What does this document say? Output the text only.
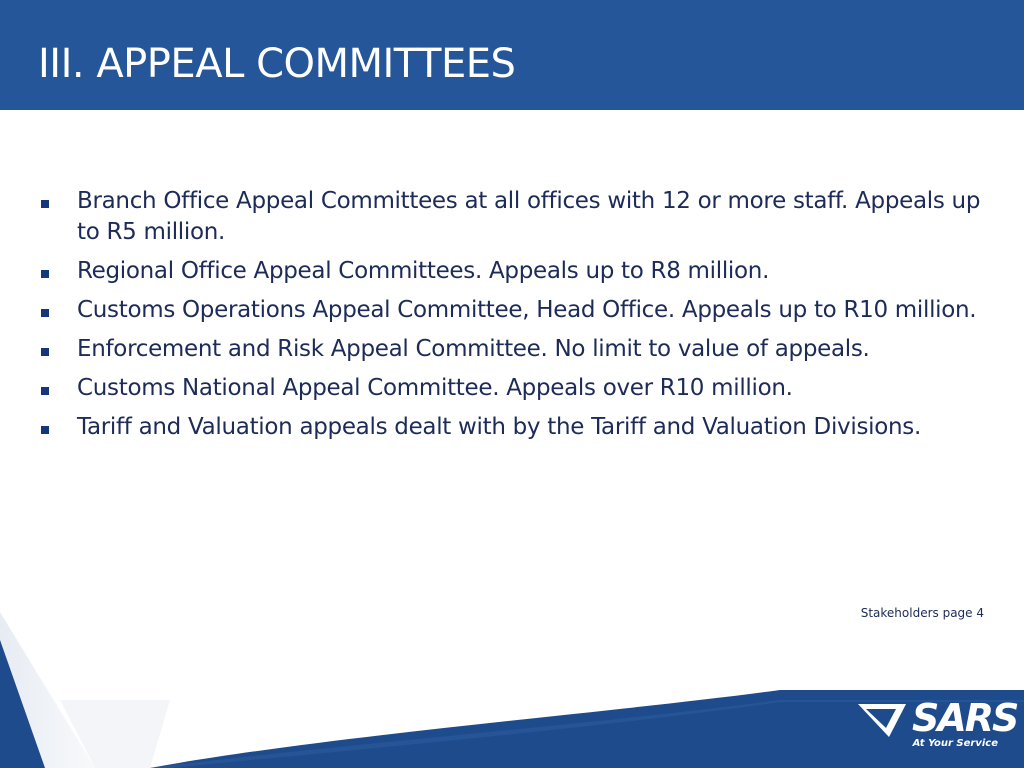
III. APPEAL COMMITTEES
Branch Office Appeal Committees at all offices with 12 or more staff. Appeals up to R5 million.
Regional Office Appeal Committees. Appeals up to R8 million.
Customs Operations Appeal Committee, Head Office. Appeals up to R10 million.
Enforcement and Risk Appeal Committee. No limit to value of appeals.
Customs National Appeal Committee. Appeals over R10 million.
Tariff and Valuation appeals dealt with by the Tariff and Valuation Divisions.
Stakeholders page 4
SARS
At Your Service
